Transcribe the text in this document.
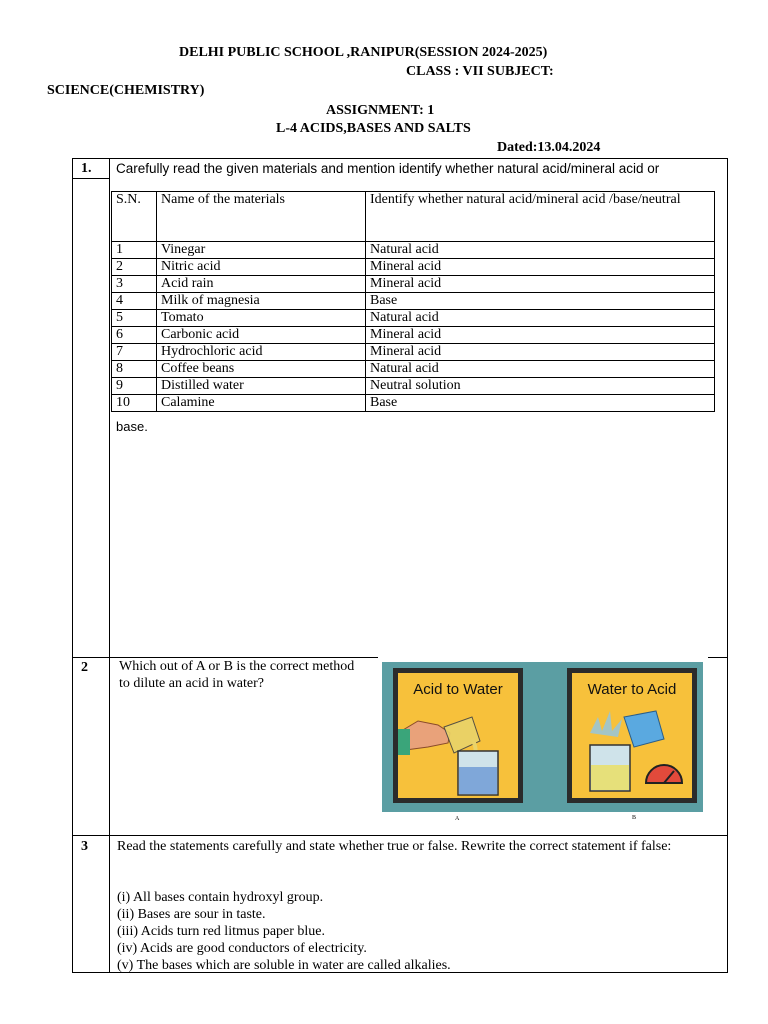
DELHI PUBLIC SCHOOL ,RANIPUR(SESSION 2024-2025)
CLASS : VII SUBJECT:
SCIENCE(CHEMISTRY)
ASSIGNMENT: 1
L-4 ACIDS,BASES AND SALTS
Dated:13.04.2024
1. Carefully read the given materials and mention identify whether natural acid/mineral acid or
S.N.	Name of the materials	Identify whether natural acid/mineral acid /base/neutral
1	Vinegar	Natural acid
2	Nitric acid	Mineral acid
3	Acid rain	Mineral acid
4	Milk of magnesia	Base
5	Tomato	Natural acid
6	Carbonic acid	Mineral acid
7	Hydrochloric acid	Mineral acid
8	Coffee beans	Natural acid
9	Distilled water	Neutral solution
10	Calamine	Base
base.
2 Which out of A or B is the correct method to dilute an acid in water?	Acid to Water	Water to Acid
A	B
3 Read the statements carefully and state whether true or false. Rewrite the correct statement if false:
(i) All bases contain hydroxyl group.
(ii) Bases are sour in taste.
(iii) Acids turn red litmus paper blue.
(iv) Acids are good conductors of electricity.
(v) The bases which are soluble in water are called alkalies.
